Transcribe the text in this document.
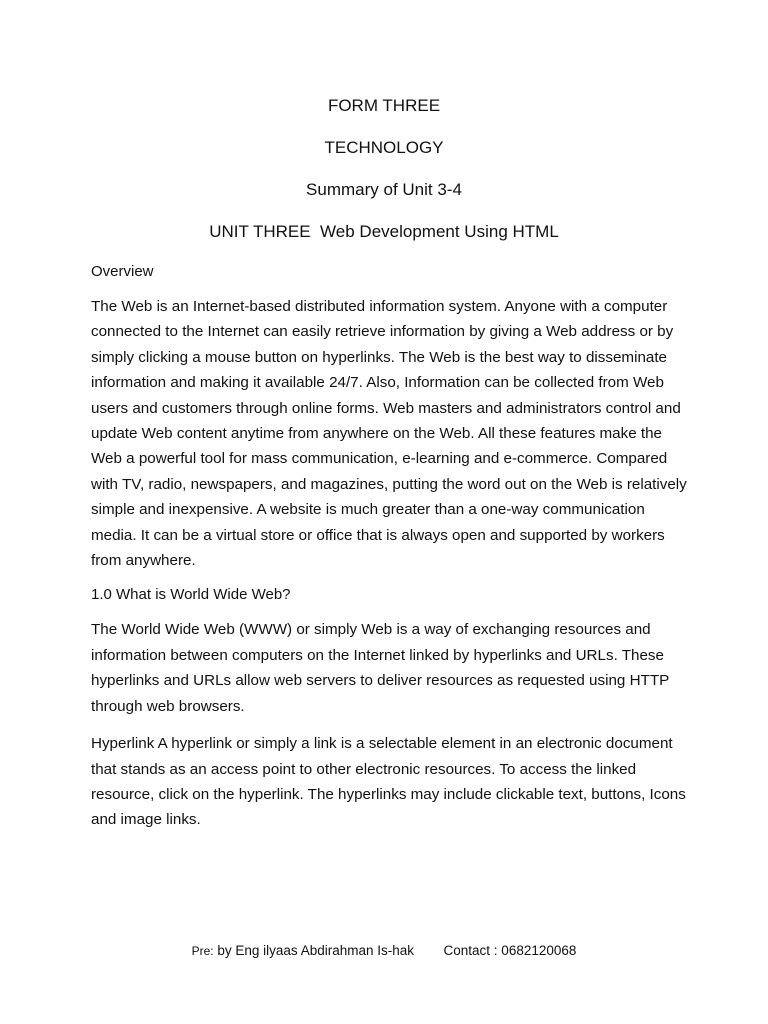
FORM THREE
TECHNOLOGY
Summary of Unit 3-4
UNIT THREE  Web Development Using HTML
Overview

The Web is an Internet-based distributed information system. Anyone with a computer connected to the Internet can easily retrieve information by giving a Web address or by simply clicking a mouse button on hyperlinks. The Web is the best way to disseminate information and making it available 24/7. Also, Information can be collected from Web users and customers through online forms. Web masters and administrators control and update Web content anytime from anywhere on the Web. All these features make the Web a powerful tool for mass communication, e-learning and e-commerce. Compared with TV, radio, newspapers, and magazines, putting the word out on the Web is relatively simple and inexpensive. A website is much greater than a one-way communication media. It can be a virtual store or office that is always open and supported by workers from anywhere.

1.0 What is World Wide Web?

The World Wide Web (WWW) or simply Web is a way of exchanging resources and information between computers on the Internet linked by hyperlinks and URLs. These hyperlinks and URLs allow web servers to deliver resources as requested using HTTP through web browsers.

Hyperlink A hyperlink or simply a link is a selectable element in an electronic document that stands as an access point to other electronic resources. To access the linked resource, click on the hyperlink. The hyperlinks may include clickable text, buttons, Icons and image links.

Pre: by Eng ilyaas Abdirahman Is-hak Contact : 0682120068
